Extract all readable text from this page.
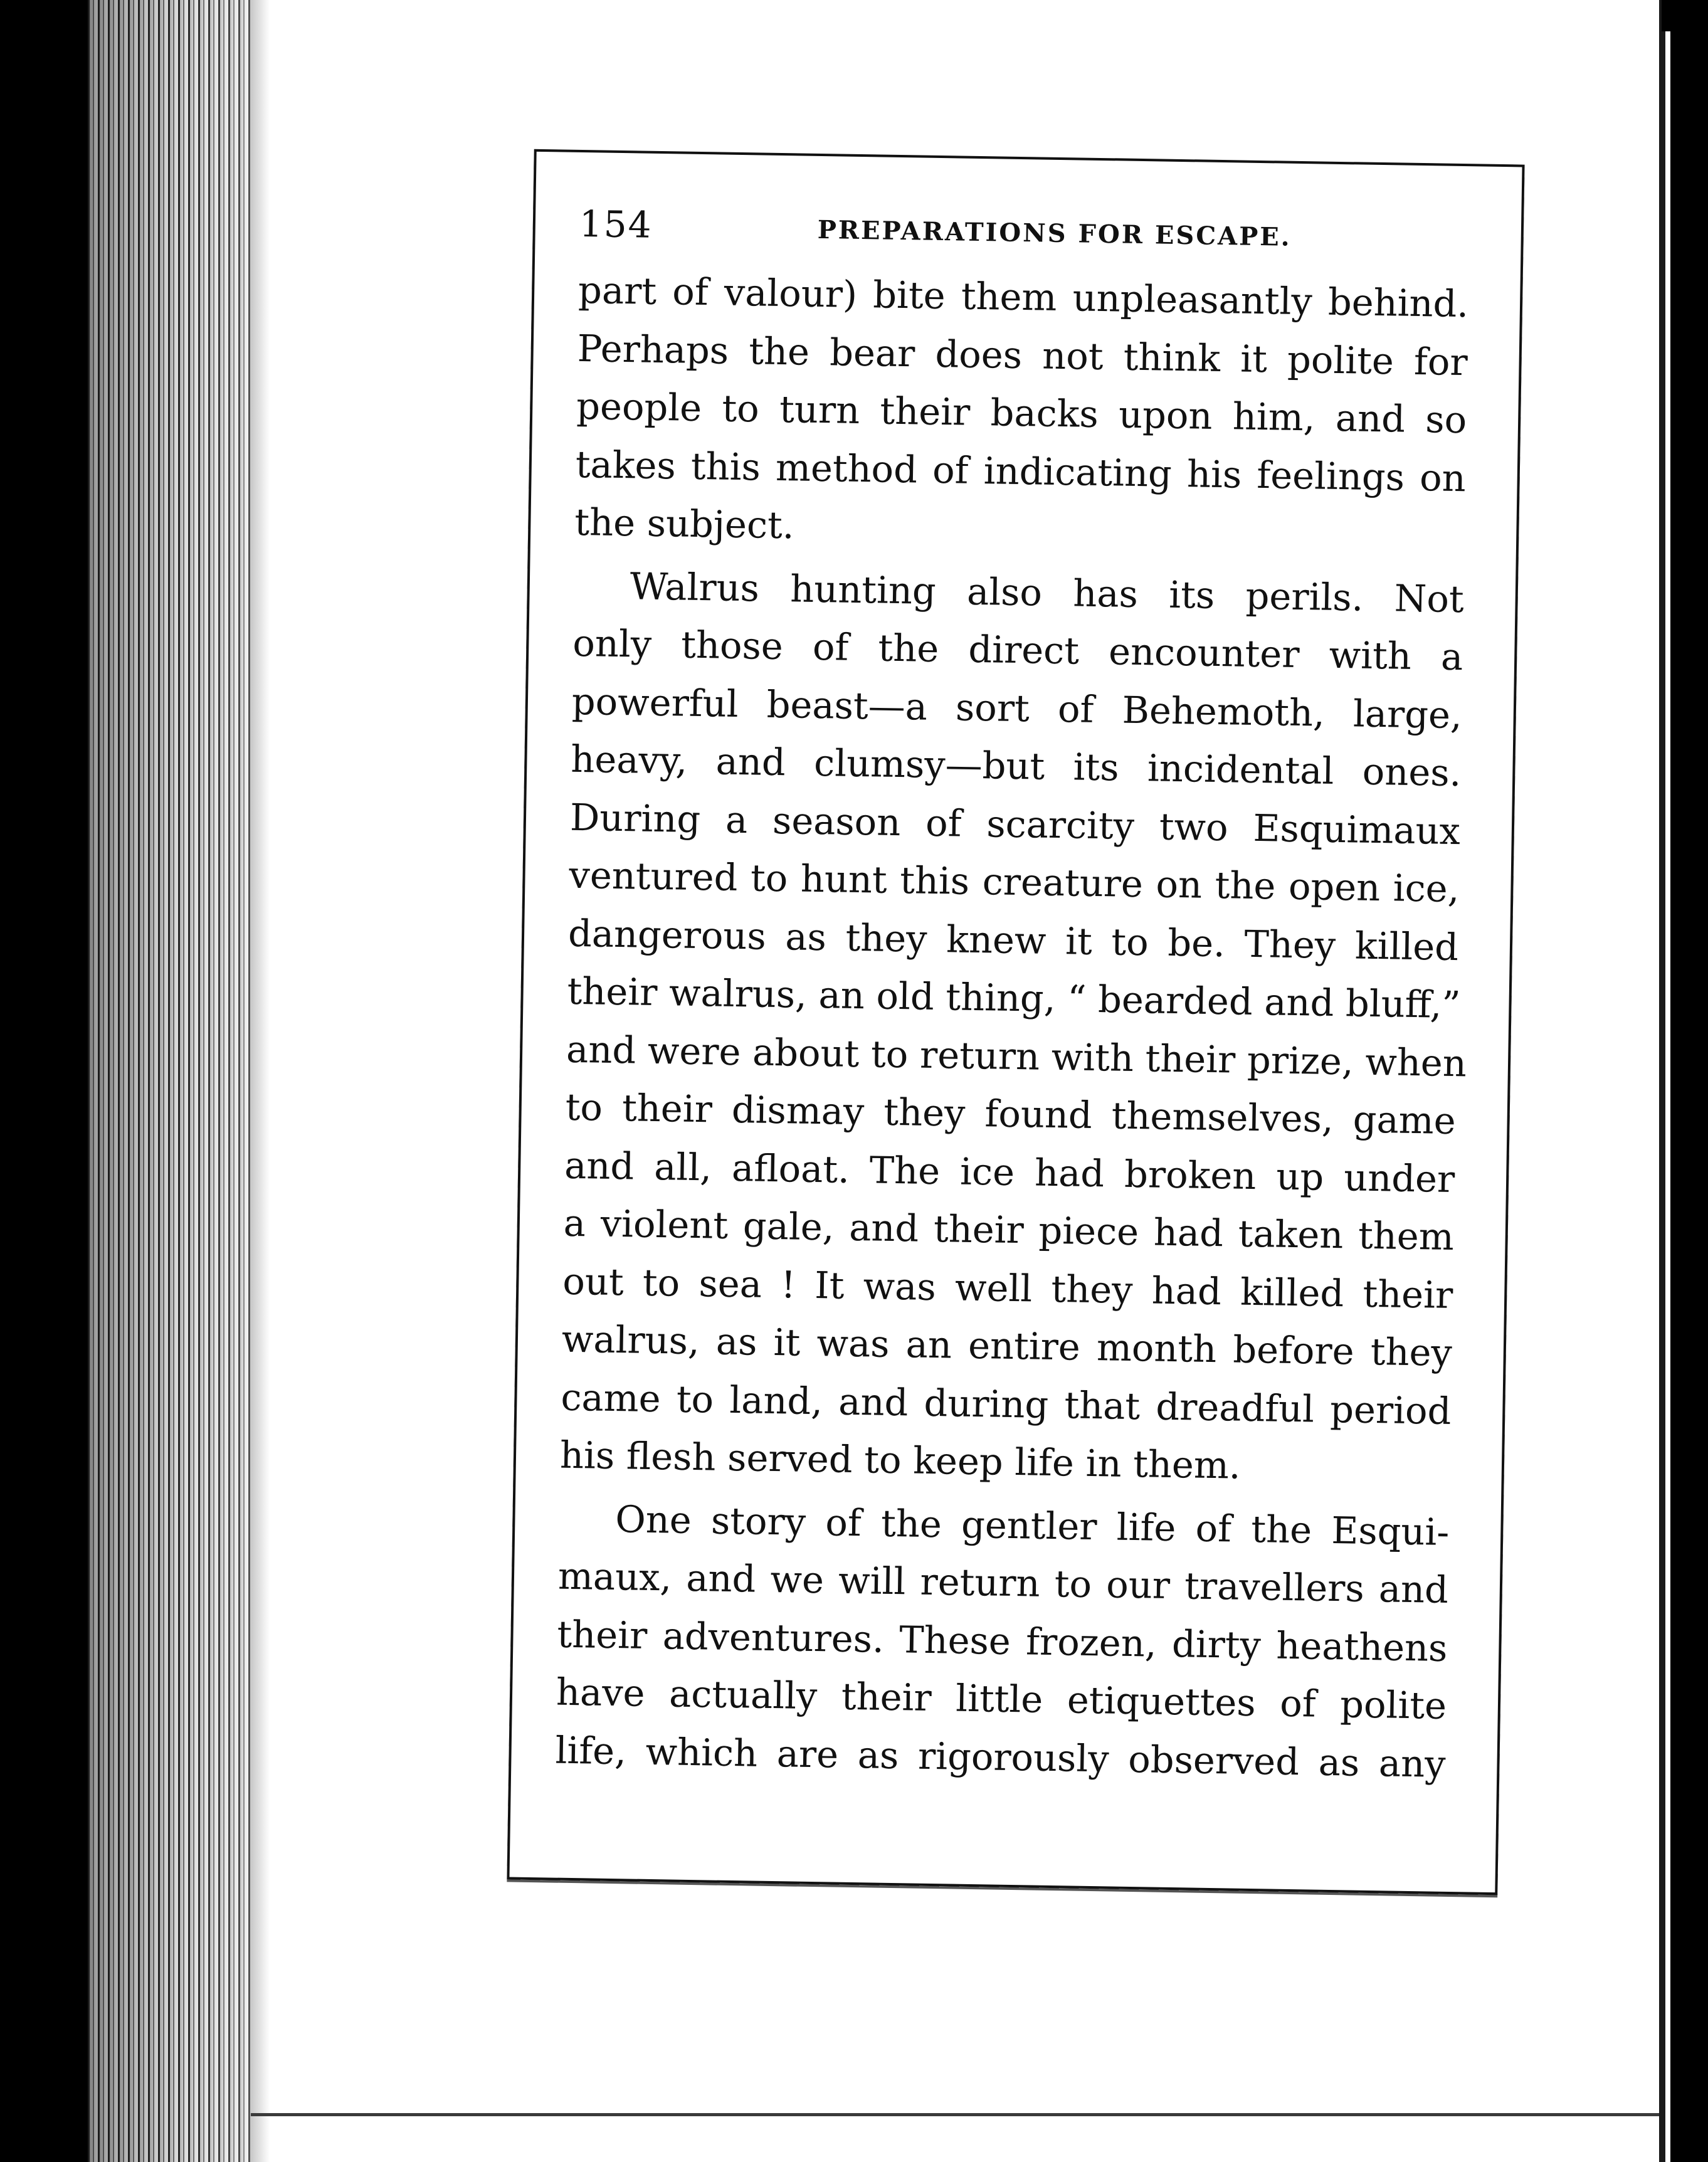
154	PREPARATIONS FOR ESCAPE.

part of valour) bite them unpleasantly behind.
Perhaps the bear does not think it polite for
people to turn their backs upon him, and so
takes this method of indicating his feelings on
the subject.

Walrus hunting also has its perils. Not
only those of the direct encounter with a
powerful beast—a sort of Behemoth, large,
heavy, and clumsy—but its incidental ones.
During a season of scarcity two Esquimaux
ventured to hunt this creature on the open ice,
dangerous as they knew it to be. They killed
their walrus, an old thing, “ bearded and bluff,”
and were about to return with their prize, when
to their dismay they found themselves, game
and all, afloat. The ice had broken up under
a violent gale, and their piece had taken them
out to sea ! It was well they had killed their
walrus, as it was an entire month before they
came to land, and during that dreadful period
his flesh served to keep life in them.

One story of the gentler life of the Esqui-
maux, and we will return to our travellers and
their adventures. These frozen, dirty heathens
have actually their little etiquettes of polite
life, which are as rigorously observed as any
